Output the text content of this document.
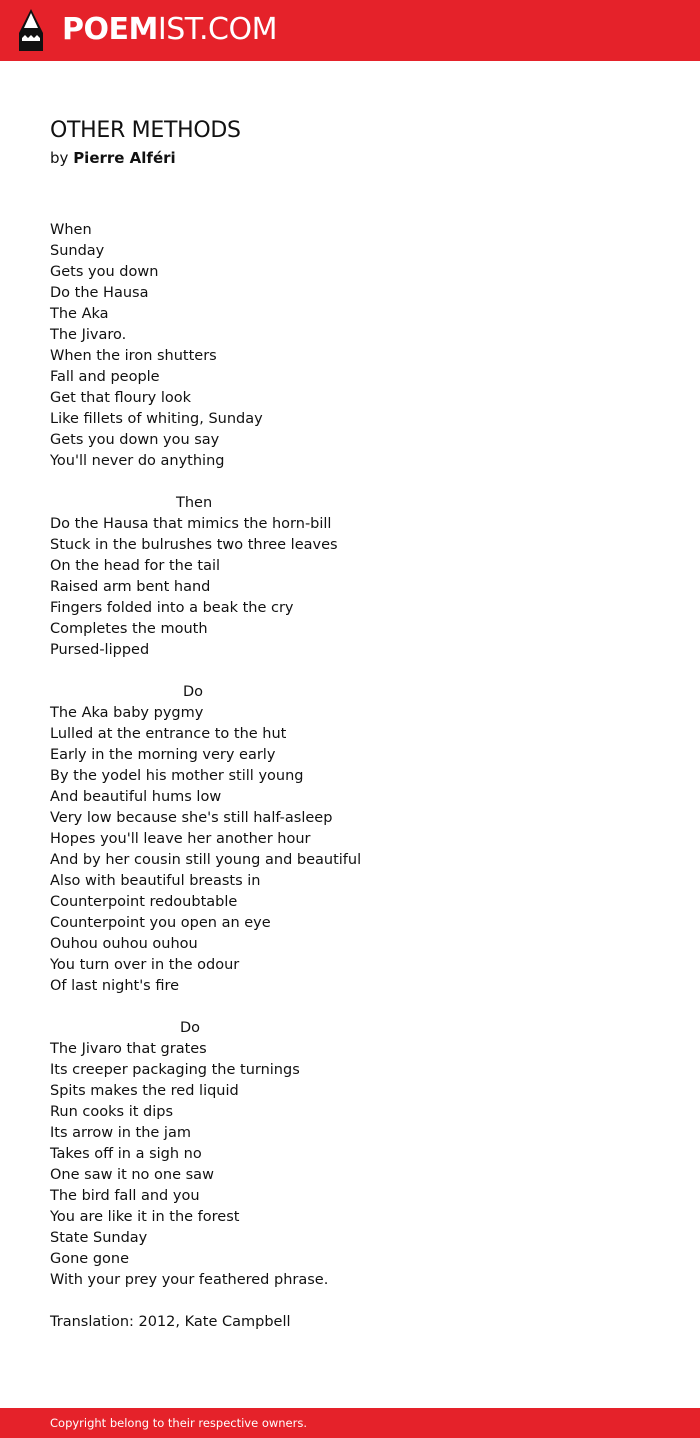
POEMIST.COM
OTHER METHODS

by Pierre Alféri

When
Sunday
Gets you down
Do the Hausa
The Aka
The Jivaro.
When the iron shutters
Fall and people
Get that floury look
Like fillets of whiting, Sunday
Gets you down you say
You'll never do anything
Then
Do the Hausa that mimics the horn-bill
Stuck in the bulrushes two three leaves
On the head for the tail
Raised arm bent hand
Fingers folded into a beak the cry
Completes the mouth
Pursed-lipped
Do
The Aka baby pygmy
Lulled at the entrance to the hut
Early in the morning very early
By the yodel his mother still young
And beautiful hums low
Very low because she's still half-asleep
Hopes you'll leave her another hour
And by her cousin still young and beautiful
Also with beautiful breasts in
Counterpoint redoubtable
Counterpoint you open an eye
Ouhou ouhou ouhou
You turn over in the odour
Of last night's fire
Do
The Jivaro that grates
Its creeper packaging the turnings
Spits makes the red liquid
Run cooks it dips
Its arrow in the jam
Takes off in a sigh no
One saw it no one saw
The bird fall and you
You are like it in the forest
State Sunday
Gone gone
With your prey your feathered phrase.
Translation: 2012, Kate Campbell
Copyright belong to their respective owners.
